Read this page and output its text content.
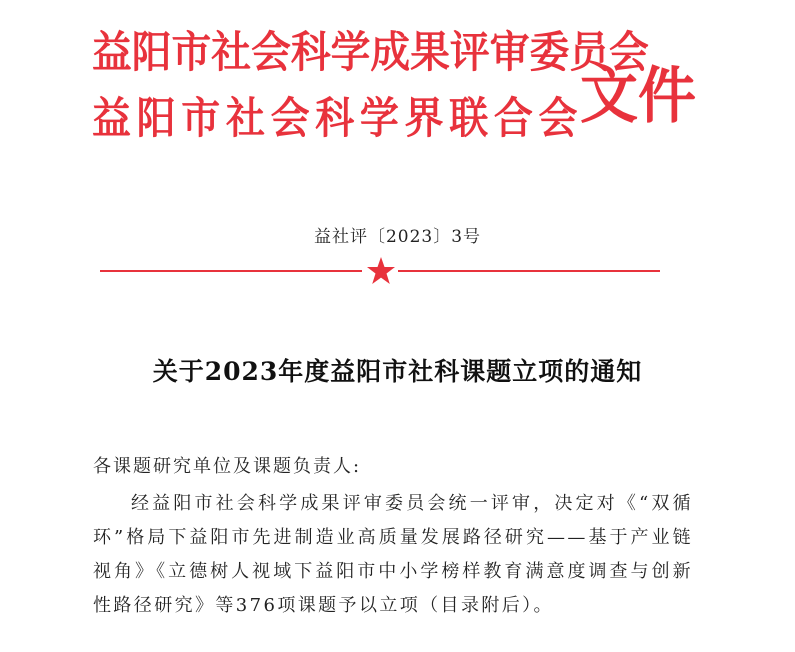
益阳市社会科学成果评审委员会
益阳市社会科学界联合会
文件
益社评〔2023〕3号
关于2023年度益阳市社科课题立项的通知
各课题研究单位及课题负责人:
经益阳市社会科学成果评审委员会统一评审，决定对《“双循环”格局下益阳市先进制造业高质量发展路径研究——基于产业链视角》《立德树人视域下益阳市中小学榜样教育满意度调查与创新性路径研究》等376项课题予以立项（目录附后）。
